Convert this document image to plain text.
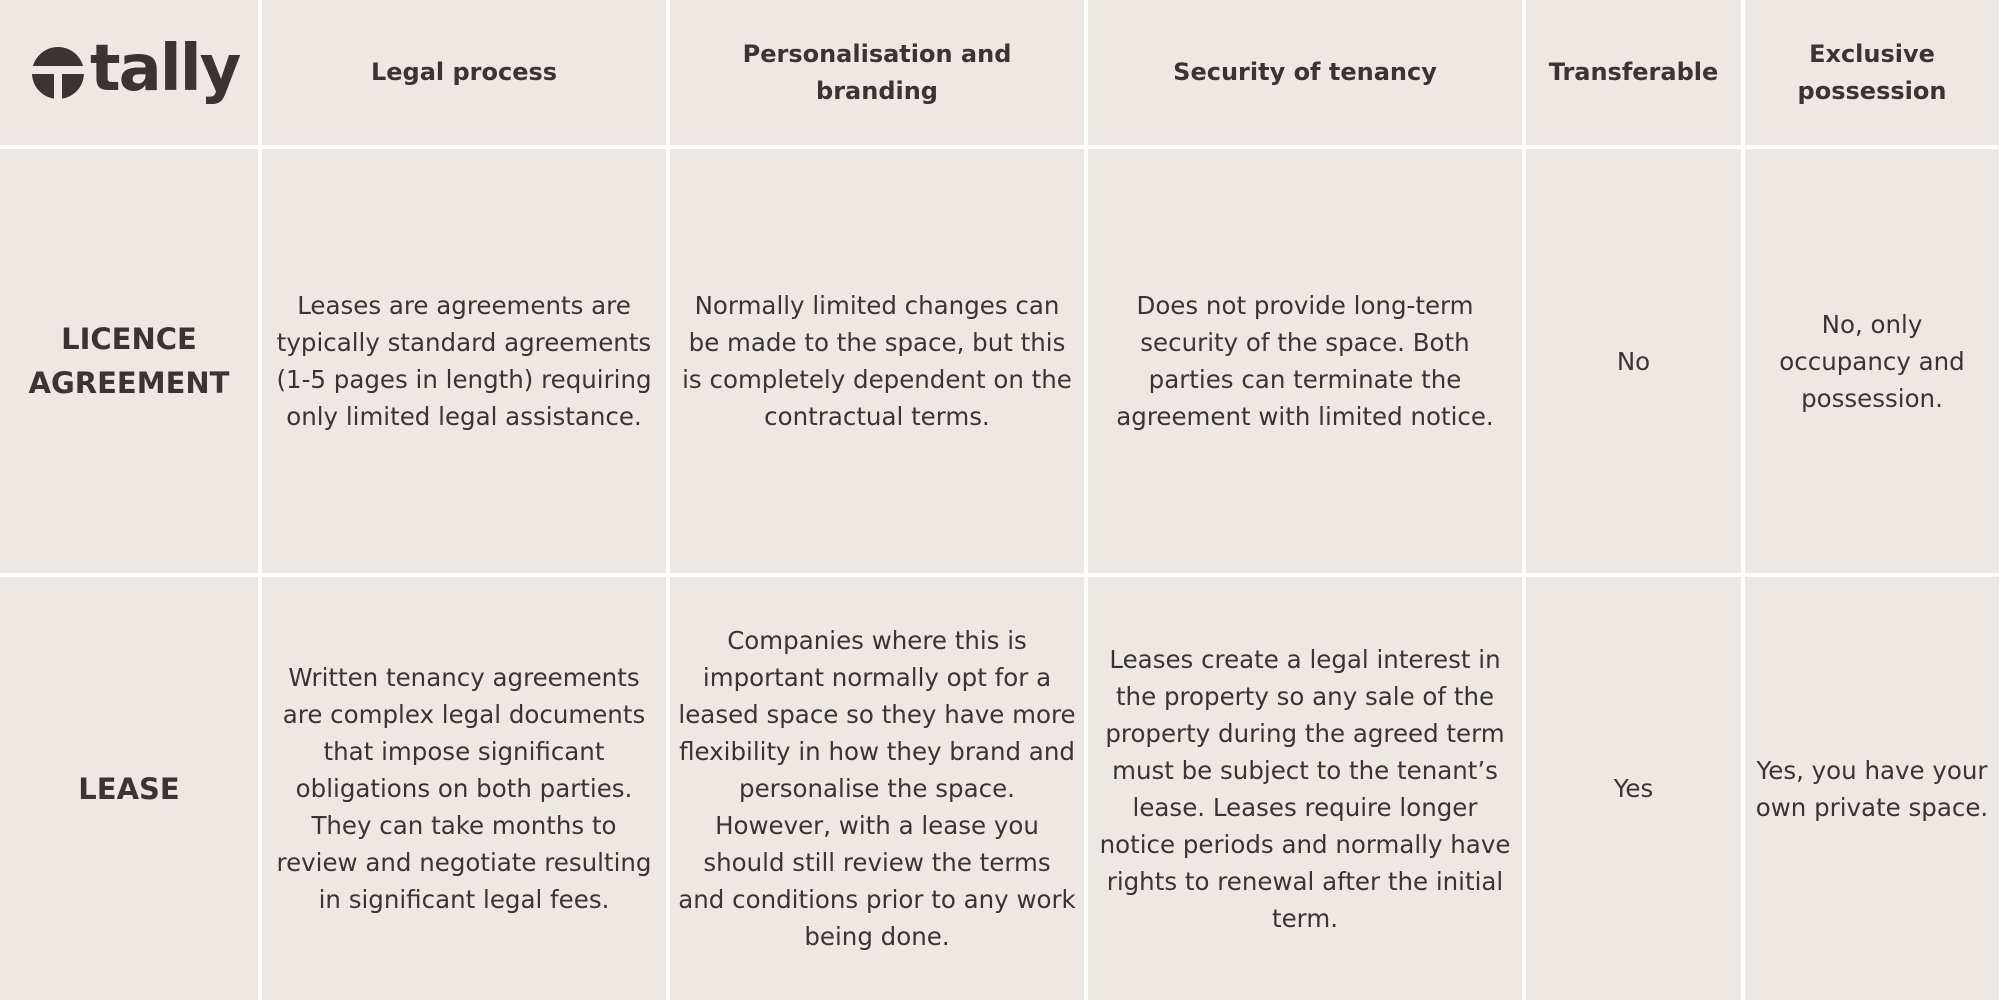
tally	Legal process
Personalisation and branding
Security of tenancy	Transferable
Exclusive possession
LICENCE AGREEMENT
Leases are agreements are typically standard agreements (1-5 pages in length) requiring only limited legal assistance.
Normally limited changes can be made to the space, but this is completely dependent on the contractual terms.
Does not provide long-term security of the space. Both parties can terminate the agreement with limited notice.
No
No, only occupancy and possession.
LEASE
Written tenancy agreements are complex legal documents that impose significant obligations on both parties. They can take months to review and negotiate resulting in significant legal fees.
Companies where this is important normally opt for a leased space so they have more flexibility in how they brand and personalise the space. However, with a lease you should still review the terms and conditions prior to any work being done.
Leases create a legal interest in the property so any sale of the property during the agreed term must be subject to the tenant’s lease. Leases require longer notice periods and normally have rights to renewal after the initial term.
Yes
Yes, you have your own private space.
